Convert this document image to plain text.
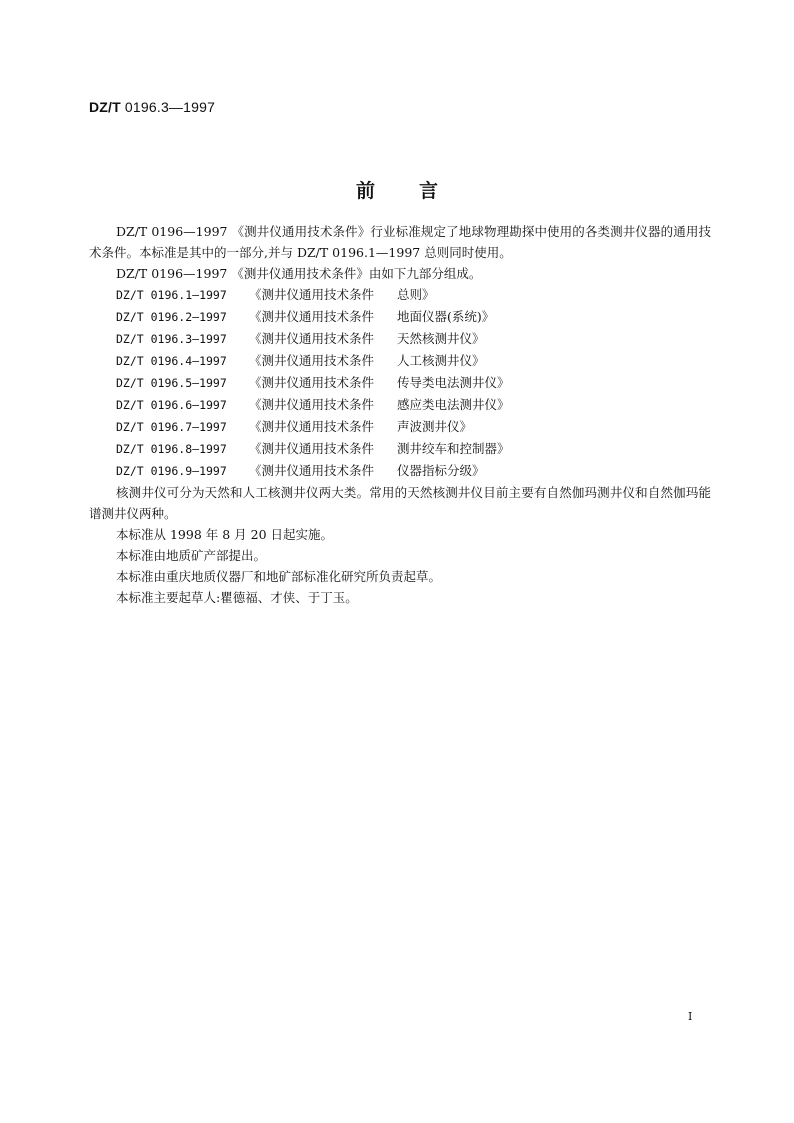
DZ/T 0196.3—1997
前言

DZ/T 0196—1997 《测井仪通用技术条件》行业标准规定了地球物理勘探中使用的各类测井仪器的通用技术条件。本标准是其中的一部分,并与 DZ/T 0196.1—1997 总则同时使用。

DZ/T 0196—1997 《测井仪通用技术条件》由如下九部分组成。

DZ/T 0196.1—1997 《测井仪通用技术条件 总则》

DZ/T 0196.2—1997 《测井仪通用技术条件 地面仪器(系统)》

DZ/T 0196.3—1997 《测井仪通用技术条件 天然核测井仪》

DZ/T 0196.4—1997 《测井仪通用技术条件 人工核测井仪》

DZ/T 0196.5—1997 《测井仪通用技术条件 传导类电法测井仪》

DZ/T 0196.6—1997 《测井仪通用技术条件 感应类电法测井仪》

DZ/T 0196.7—1997 《测井仪通用技术条件 声波测井仪》

DZ/T 0196.8—1997 《测井仪通用技术条件 测井绞车和控制器》

DZ/T 0196.9—1997 《测井仪通用技术条件 仪器指标分级》

核测井仪可分为天然和人工核测井仪两大类。常用的天然核测井仪目前主要有自然伽玛测井仪和自然伽玛能谱测井仪两种。

本标准从 1998 年 8 月 20 日起实施。

本标准由地质矿产部提出。

本标准由重庆地质仪器厂和地矿部标准化研究所负责起草。

本标准主要起草人:瞿德福、才侠、于丁玉。

I
